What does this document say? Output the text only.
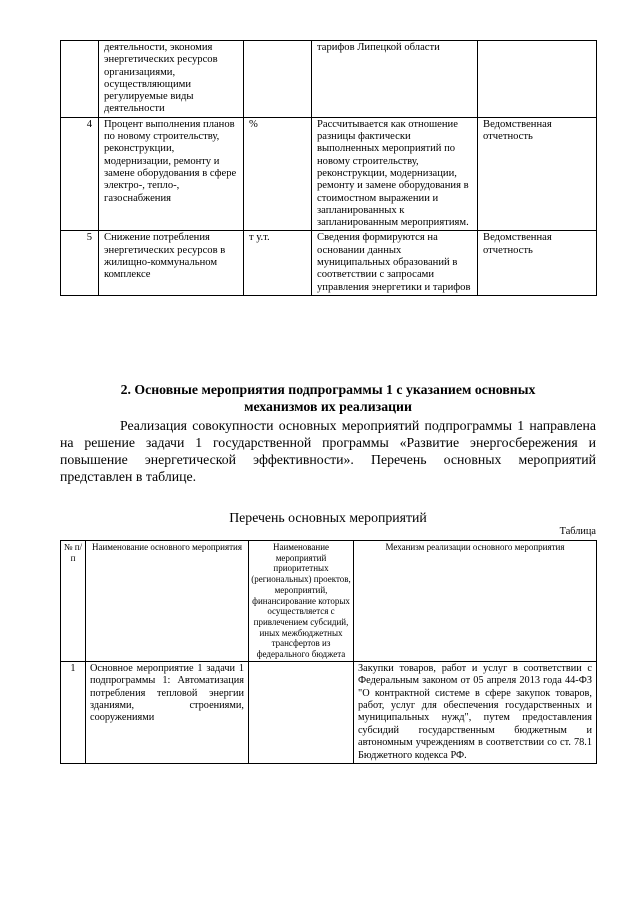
	деятельности, экономия энергетических ресурсов организациями, осуществляющими регулируемые виды деятельности		тарифов Липецкой области	
4	Процент выполнения планов по новому строительству, реконструкции, модернизации, ремонту и замене оборудования в сфере электро-, тепло-, газоснабжения	%	Рассчитывается как отношение разницы фактически выполненных мероприятий по новому строительству, реконструкции, модернизации, ремонту и замене оборудования в стоимостном выражении и запланированных к запланированным мероприятиям.	Ведомственная отчетность
5	Снижение потребления энергетических ресурсов в жилищно-коммунальном комплексе	т у.т.	Сведения формируются на основании данных муниципальных образований в соответствии с запросами управления энергетики и тарифов	Ведомственная отчетность
2. Основные мероприятия подпрограммы 1 с указанием основных
механизмов их реализации

Реализация совокупности основных мероприятий подпрограммы 1 направлена на решение задачи 1 государственной программы «Развитие энергосбережения и повышение энергетической эффективности». Перечень основных мероприятий представлен в таблице.

Перечень основных мероприятий

Таблица

№ п/п	Наименование основного мероприятия	Наименование мероприятий приоритетных (региональных) проектов, мероприятий, финансирование которых осуществляется с привлечением субсидий, иных межбюджетных трансфертов из федерального бюджета	Механизм реализации основного мероприятия
1	Основное мероприятие 1 задачи 1 подпрограммы 1: Автоматизация потребления тепловой энергии зданиями, строениями, сооружениями		Закупки товаров, работ и услуг в соответствии с Федеральным законом от 05 апреля 2013 года 44-ФЗ "О контрактной системе в сфере закупок товаров, работ, услуг для обеспечения государственных и муниципальных нужд", путем предоставления субсидий государственным бюджетным и автономным учреждениям в соответствии со ст. 78.1 Бюджетного кодекса РФ.
